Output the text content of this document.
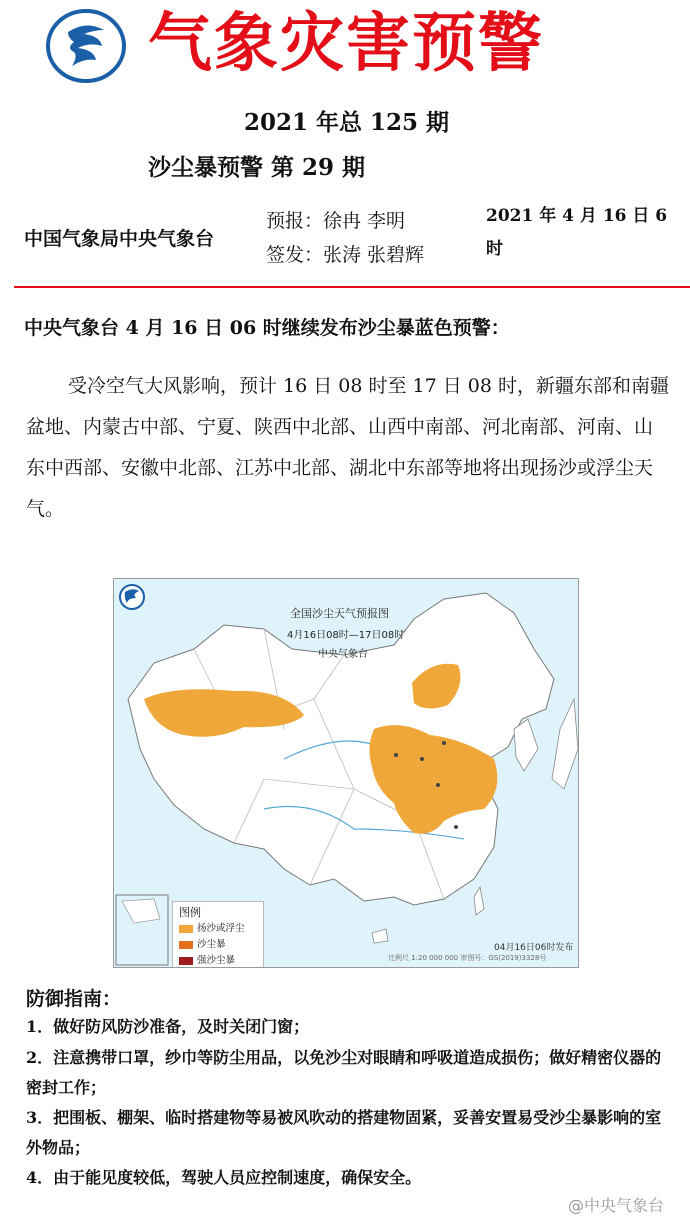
气象灾害预警
2021 年总 125 期
沙尘暴预警 第 29 期
中国气象局中央气象台
预报：徐冉 李明
签发：张涛 张碧辉
2021 年 4 月 16 日 6 时
中央气象台 4 月 16 日 06 时继续发布沙尘暴蓝色预警：
受冷空气大风影响，预计 16 日 08 时至 17 日 08 时，新疆东部和南疆盆地、内蒙古中部、宁夏、陕西中北部、山西中南部、河北南部、河南、山东中西部、安徽中北部、江苏中北部、湖北中东部等地将出现扬沙或浮尘天气。
全国沙尘天气预报图
4月16日08时—17日08时
中央气象台
图例
扬沙或浮尘
沙尘暴
强沙尘暴
04月16日06时发布
比例尺 1:20 000 000 审图号：GS(2019)3328号
防御指南：
1．做好防风防沙准备，及时关闭门窗；
2．注意携带口罩，纱巾等防尘用品，以免沙尘对眼睛和呼吸道造成损伤；做好精密仪器的密封工作；
3．把围板、棚架、临时搭建物等易被风吹动的搭建物固紧，妥善安置易受沙尘暴影响的室外物品；
4．由于能见度较低，驾驶人员应控制速度，确保安全。
@中央气象台
